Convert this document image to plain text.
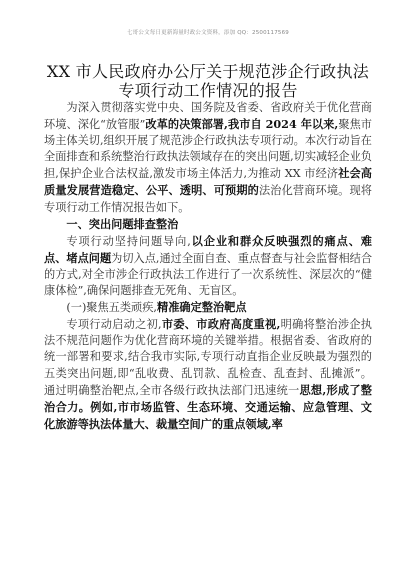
七哥公文每日更新海量时政公文资料，添加 QQ：2500117569
XX 市人民政府办公厅关于规范涉企行政执法
专项行动工作情况的报告

为深入贯彻落实党中央、国务院及省委、省政府关于优化营商环境、深化“放管服”改革的决策部署,我市自 2024 年以来,聚焦市场主体关切,组织开展了规范涉企行政执法专项行动。本次行动旨在全面排查和系统整治行政执法领域存在的突出问题,切实减轻企业负担,保护企业合法权益,激发市场主体活力,为推动 XX 市经济社会高质量发展营造稳定、公平、透明、可预期的法治化营商环境。现将专项行动工作情况报告如下。

一、突出问题排查整治

专项行动坚持问题导向,以企业和群众反映强烈的痛点、难点、堵点问题为切入点,通过全面自查、重点督查与社会监督相结合的方式,对全市涉企行政执法工作进行了一次系统性、深层次的“健康体检”,确保问题排查无死角、无盲区。

(一)聚焦五类顽疾,精准确定整治靶点

专项行动启动之初,市委、市政府高度重视,明确将整治涉企执法不规范问题作为优化营商环境的关键举措。根据省委、省政府的统一部署和要求,结合我市实际,专项行动直指企业反映最为强烈的五类突出问题,即“乱收费、乱罚款、乱检查、乱查封、乱摊派”。通过明确整治靶点,全市各级行政执法部门迅速统一思想,形成了整治合力。例如,市市场监管、生态环境、交通运输、应急管理、文化旅游等执法体量大、裁量空间广的重点领域,率
